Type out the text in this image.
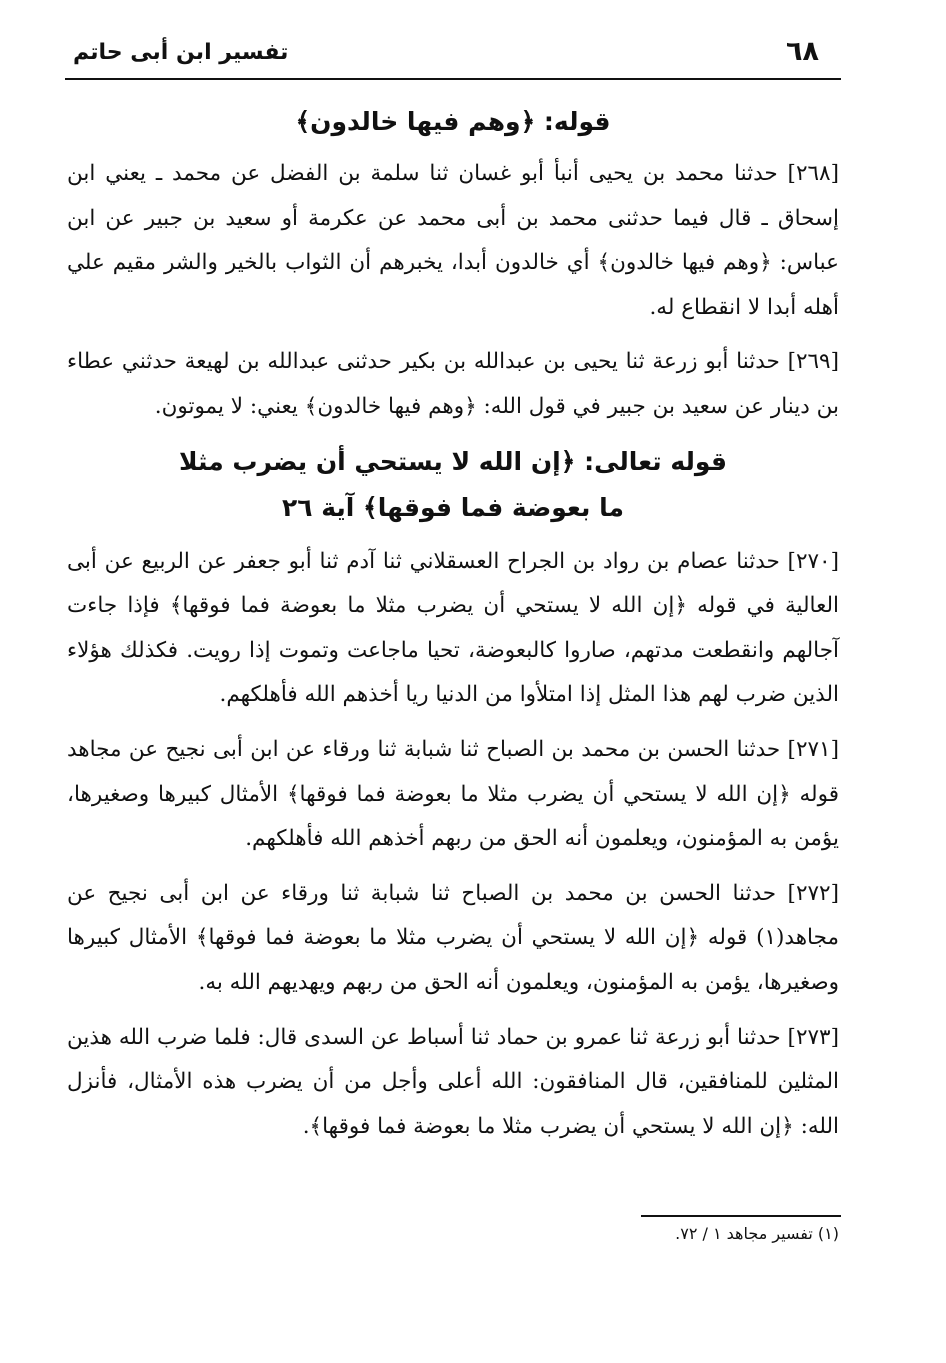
٦٨
تفسير ابن أبى حاتم

قوله: ﴿وهم فيها خالدون﴾

[٢٦٨] حدثنا محمد بن يحيى أنبأ أبو غسان ثنا سلمة بن الفضل عن محمد ـ يعني ابن إسحاق ـ قال فيما حدثنى محمد بن أبى محمد عن عكرمة أو سعيد بن جبير عن ابن عباس: ﴿وهم فيها خالدون﴾ أي خالدون أبدا، يخبرهم أن الثواب بالخير والشر مقيم علي أهله أبدا لا انقطاع له.

[٢٦٩] حدثنا أبو زرعة ثنا يحيى بن عبدالله بن بكير حدثنى عبدالله بن لهيعة حدثني عطاء بن دينار عن سعيد بن جبير في قول الله: ﴿وهم فيها خالدون﴾ يعني: لا يموتون.

قوله تعالى: ﴿إن الله لا يستحي أن يضرب مثلا

ما بعوضة فما فوقها﴾ آية ٢٦

[٢٧٠] حدثنا عصام بن رواد بن الجراح العسقلاني ثنا آدم ثنا أبو جعفر عن الربيع عن أبى العالية في قوله ﴿إن الله لا يستحي أن يضرب مثلا ما بعوضة فما فوقها﴾ فإذا جاءت آجالهم وانقطعت مدتهم، صاروا كالبعوضة، تحيا ماجاعت وتموت إذا رويت. فكذلك هؤلاء الذين ضرب لهم هذا المثل إذا امتلأوا من الدنيا ريا أخذهم الله فأهلكهم.

[٢٧١] حدثنا الحسن بن محمد بن الصباح ثنا شبابة ثنا ورقاء عن ابن أبى نجيح عن مجاهد قوله ﴿إن الله لا يستحي أن يضرب مثلا ما بعوضة فما فوقها﴾ الأمثال كبيرها وصغيرها، يؤمن به المؤمنون، ويعلمون أنه الحق من ربهم أخذهم الله فأهلكهم.

[٢٧٢] حدثنا الحسن بن محمد بن الصباح ثنا شبابة ثنا ورقاء عن ابن أبى نجيح عن مجاهد(١) قوله ﴿إن الله لا يستحي أن يضرب مثلا ما بعوضة فما فوقها﴾ الأمثال كبيرها وصغيرها، يؤمن به المؤمنون، ويعلمون أنه الحق من ربهم ويهديهم الله به.

[٢٧٣] حدثنا أبو زرعة ثنا عمرو بن حماد ثنا أسباط عن السدى قال: فلما ضرب الله هذين المثلين للمنافقين، قال المنافقون: الله أعلى وأجل من أن يضرب هذه الأمثال، فأنزل الله: ﴿إن الله لا يستحي أن يضرب مثلا ما بعوضة فما فوقها﴾.

(١) تفسير مجاهد ١ / ٧٢.
